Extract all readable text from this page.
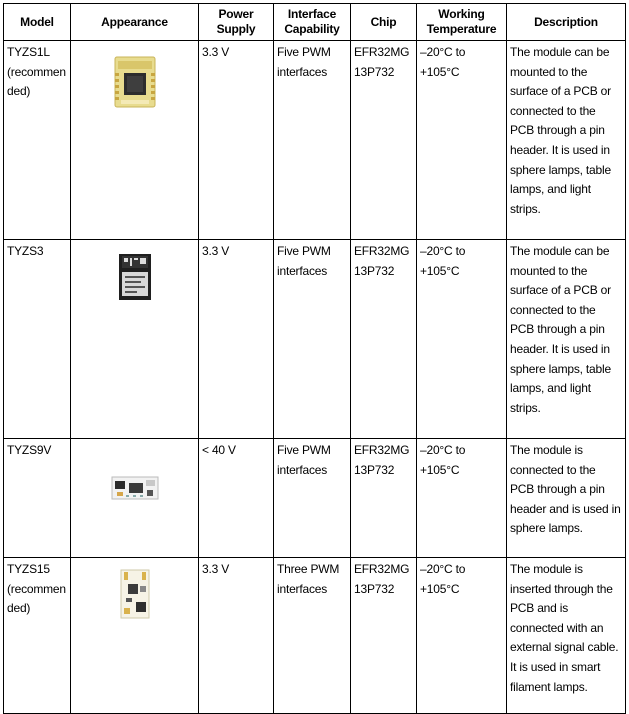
Model	Appearance	Power Supply	Interface Capability	Chip	Working Temperature	Description
TYZS1L (recommended)		3.3 V	Five PWM interfaces	EFR32MG13P732	–20°C to +105°C	The module can be mounted to the surface of a PCB or connected to the PCB through a pin header. It is used in sphere lamps, table lamps, and light strips.
TYZS3		3.3 V	Five PWM interfaces	EFR32MG13P732	–20°C to +105°C	The module can be mounted to the surface of a PCB or connected to the PCB through a pin header. It is used in sphere lamps, table lamps, and light strips.
TYZS9V		< 40 V	Five PWM interfaces	EFR32MG13P732	–20°C to +105°C	The module is connected to the PCB through a pin header and is used in sphere lamps.
TYZS15 (recommended)		3.3 V	Three PWM interfaces	EFR32MG13P732	–20°C to +105°C	The module is inserted through the PCB and is connected with an external signal cable. It is used in smart filament lamps.
